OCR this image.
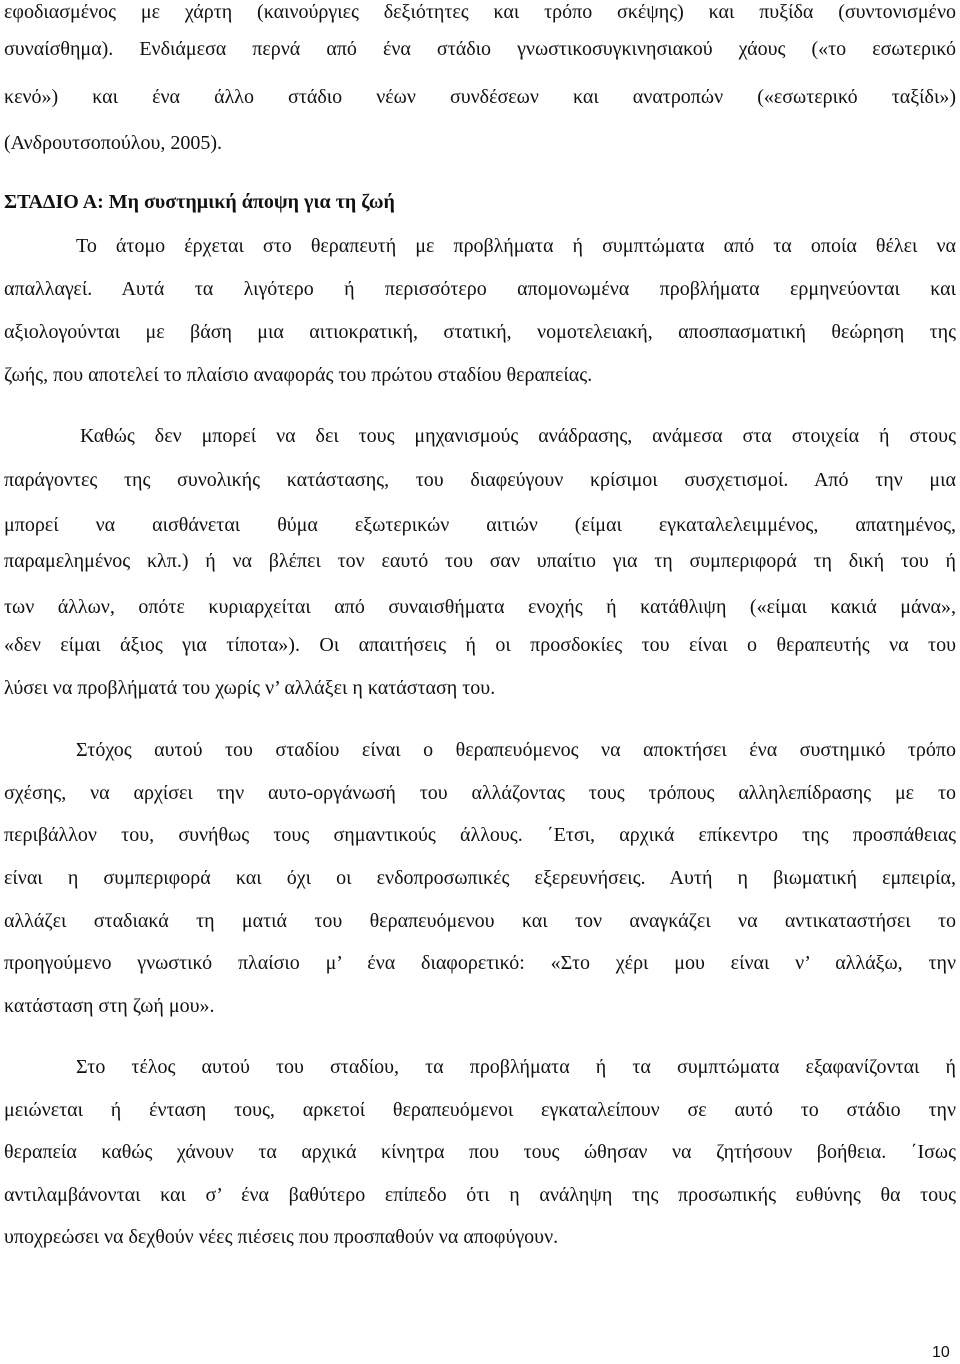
εφοδιασμένος με χάρτη (καινούργιες δεξιότητες και τρόπο σκέψης) και πυξίδα (συντονισμένο
συναίσθημα). Ενδιάμεσα περνά από ένα στάδιο γνωστικοσυγκινησιακού χάους («το εσωτερικό
κενό») και ένα άλλο στάδιο νέων συνδέσεων και ανατροπών («εσωτερικό ταξίδι»)
(Ανδρουτσοπούλου, 2005).
ΣΤΑΔΙΟ Α: Μη συστημική άποψη για τη ζωή
Το άτομο έρχεται στο θεραπευτή με προβλήματα ή συμπτώματα από τα οποία θέλει να
απαλλαγεί. Αυτά τα λιγότερο ή περισσότερο απομονωμένα προβλήματα ερμηνεύονται και
αξιολογούνται με βάση μια αιτιοκρατική, στατική, νομοτελειακή, αποσπασματική θεώρηση της
ζωής, που αποτελεί το πλαίσιο αναφοράς του πρώτου σταδίου θεραπείας.
Καθώς δεν μπορεί να δει τους μηχανισμούς ανάδρασης, ανάμεσα στα στοιχεία ή στους
παράγοντες της συνολικής κατάστασης, του διαφεύγουν κρίσιμοι συσχετισμοί. Από την μια
μπορεί να αισθάνεται θύμα εξωτερικών αιτιών (είμαι εγκαταλελειμμένος, απατημένος,
παραμελημένος κλπ.) ή να βλέπει τον εαυτό του σαν υπαίτιο για τη συμπεριφορά τη δική του ή
των άλλων, οπότε κυριαρχείται από συναισθήματα ενοχής ή κατάθλιψη («είμαι κακιά μάνα»,
«δεν είμαι άξιος για τίποτα»). Οι απαιτήσεις ή οι προσδοκίες του είναι ο θεραπευτής να του
λύσει να προβλήματά του χωρίς ν’ αλλάξει η κατάσταση του.
Στόχος αυτού του σταδίου είναι ο θεραπευόμενος να αποκτήσει ένα συστημικό τρόπο
σχέσης, να αρχίσει την αυτο-οργάνωσή του αλλάζοντας τους τρόπους αλληλεπίδρασης με το
περιβάλλον του, συνήθως τους σημαντικούς άλλους. ΄Ετσι, αρχικά επίκεντρο της προσπάθειας
είναι η συμπεριφορά και όχι οι ενδοπροσωπικές εξερευνήσεις. Αυτή η βιωματική εμπειρία,
αλλάζει σταδιακά τη ματιά του θεραπευόμενου και τον αναγκάζει να αντικαταστήσει το
προηγούμενο γνωστικό πλαίσιο μ’ ένα διαφορετικό: «Στο χέρι μου είναι ν’ αλλάξω, την
κατάσταση στη ζωή μου».
Στο τέλος αυτού του σταδίου, τα προβλήματα ή τα συμπτώματα εξαφανίζονται ή
μειώνεται ή ένταση τους, αρκετοί θεραπευόμενοι εγκαταλείπουν σε αυτό το στάδιο την
θεραπεία καθώς χάνουν τα αρχικά κίνητρα που τους ώθησαν να ζητήσουν βοήθεια. ΄Ισως
αντιλαμβάνονται και σ’ ένα βαθύτερο επίπεδο ότι η ανάληψη της προσωπικής ευθύνης θα τους
υποχρεώσει να δεχθούν νέες πιέσεις που προσπαθούν να αποφύγουν.
10
